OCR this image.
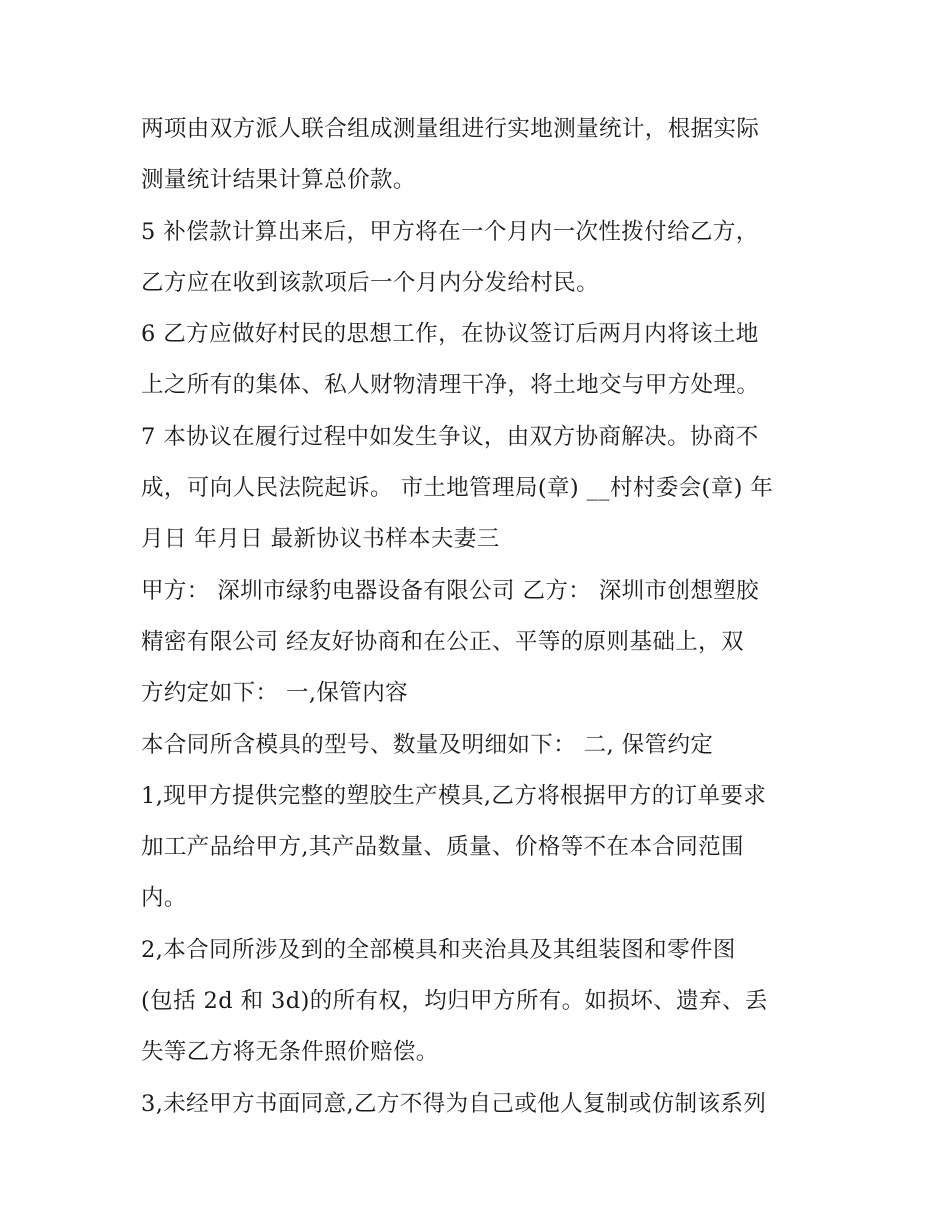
两项由双方派人联合组成测量组进行实地测量统计，根据实际

测量统计结果计算总价款。

5 补偿款计算出来后，甲方将在一个月内一次性拨付给乙方，

乙方应在收到该款项后一个月内分发给村民。

6 乙方应做好村民的思想工作，在协议签订后两月内将该土地

上之所有的集体、私人财物清理干净，将土地交与甲方处理。

7 本协议在履行过程中如发生争议，由双方协商解决。协商不

成，可向人民法院起诉。 市土地管理局(章) __村村委会(章) 年

月日 年月日 最新协议书样本夫妻三

甲方： 深圳市绿豹电器设备有限公司 乙方： 深圳市创想塑胶

精密有限公司 经友好协商和在公正、平等的原则基础上，双

方约定如下： 一,保管内容

本合同所含模具的型号、数量及明细如下： 二, 保管约定

1,现甲方提供完整的塑胶生产模具,乙方将根据甲方的订单要求

加工产品给甲方,其产品数量、质量、价格等不在本合同范围

内。

2,本合同所涉及到的全部模具和夹治具及其组装图和零件图

(包括 2d 和 3d)的所有权，均归甲方所有。如损坏、遗弃、丢

失等乙方将无条件照价赔偿。

3,未经甲方书面同意,乙方不得为自己或他人复制或仿制该系列
